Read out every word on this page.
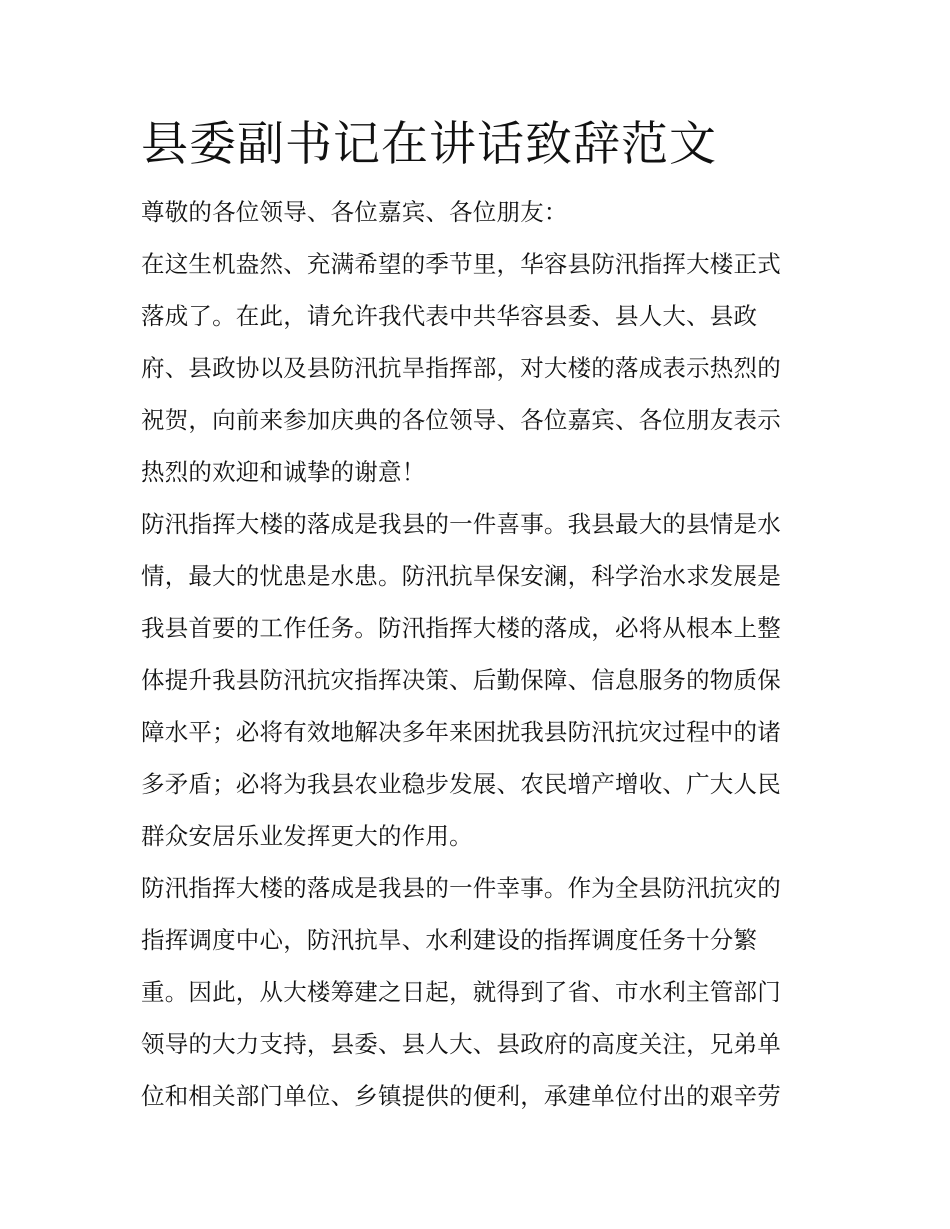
县委副书记在讲话致辞范文
尊敬的各位领导、各位嘉宾、各位朋友：
在这生机盎然、充满希望的季节里，华容县防汛指挥大楼正式
落成了。在此，请允许我代表中共华容县委、县人大、县政
府、县政协以及县防汛抗旱指挥部，对大楼的落成表示热烈的
祝贺，向前来参加庆典的各位领导、各位嘉宾、各位朋友表示
热烈的欢迎和诚挚的谢意！
防汛指挥大楼的落成是我县的一件喜事。我县最大的县情是水
情，最大的忧患是水患。防汛抗旱保安澜，科学治水求发展是
我县首要的工作任务。防汛指挥大楼的落成，必将从根本上整
体提升我县防汛抗灾指挥决策、后勤保障、信息服务的物质保
障水平；必将有效地解决多年来困扰我县防汛抗灾过程中的诸
多矛盾；必将为我县农业稳步发展、农民增产增收、广大人民
群众安居乐业发挥更大的作用。
防汛指挥大楼的落成是我县的一件幸事。作为全县防汛抗灾的
指挥调度中心，防汛抗旱、水利建设的指挥调度任务十分繁
重。因此，从大楼筹建之日起，就得到了省、市水利主管部门
领导的大力支持，县委、县人大、县政府的高度关注，兄弟单
位和相关部门单位、乡镇提供的便利，承建单位付出的艰辛劳
